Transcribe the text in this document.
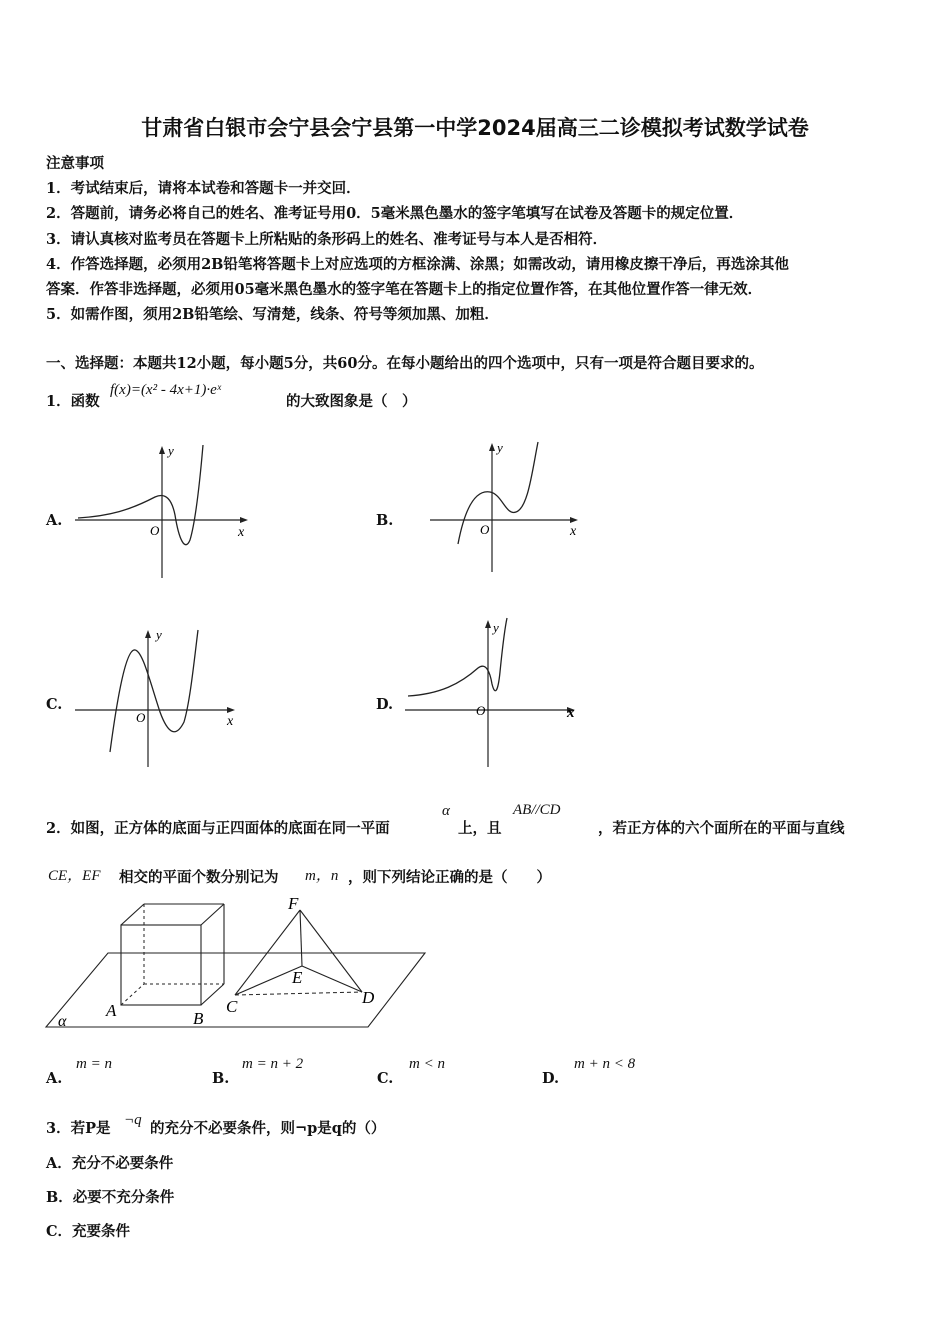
甘肃省白银市会宁县会宁县第一中学2024届高三二诊模拟考试数学试卷
注意事项
1．考试结束后，请将本试卷和答题卡一并交回．
2．答题前，请务必将自己的姓名、准考证号用0．5毫米黑色墨水的签字笔填写在试卷及答题卡的规定位置．
3．请认真核对监考员在答题卡上所粘贴的条形码上的姓名、准考证号与本人是否相符．
4．作答选择题，必须用2B铅笔将答题卡上对应选项的方框涂满、涂黑；如需改动，请用橡皮擦干净后，再选涂其他
答案．作答非选择题，必须用05毫米黑色墨水的签字笔在答题卡上的指定位置作答，在其他位置作答一律无效．
5．如需作图，须用2B铅笔绘、写清楚，线条、符号等须加黑、加粗．
一、选择题：本题共12小题，每小题5分，共60分。在每小题给出的四个选项中，只有一项是符合题目要求的。
1．函数
f(x)=(x² - 4x+1)·eˣ
的大致图象是（　）
A.
y
x
O
B.
y
x
O
C.
y
x
O
D.
y
x
O
2．如图，正方体的底面与正四面体的底面在同一平面
α
上，且
AB//CD
，若正方体的六个面所在的平面与直线
CE，EF 相交的平面个数分别记为 m，n ，则下列结论正确的是（　　）
F
E
A	B
C	D
α
A.
m = n
B.
m = n + 2
C.
m < n
D.
m + n < 8
3．若P是 ¬q 的充分不必要条件，则¬p是q的（）
A．充分不必要条件
B．必要不充分条件
C．充要条件
